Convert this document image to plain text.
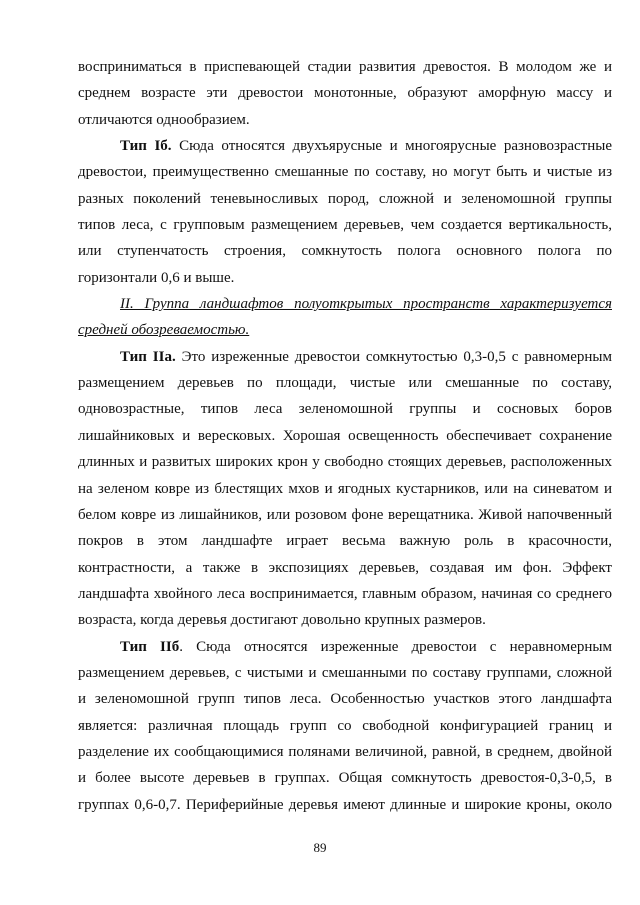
восприниматься в приспевающей стадии развития древостоя. В молодом же и
среднем возрасте эти древостои монотонные, образуют аморфную массу и
отличаются однообразием.
Тип Iб. Сюда относятся двухъярусные и многоярусные разновозрастные
древостои, преимущественно смешанные по составу, но могут быть и чистые из
разных поколений теневыносливых пород, сложной и зеленомошной группы
типов леса, с групповым размещением деревьев, чем создается вертикальность,
или ступенчатость строения, сомкнутость полога основного полога по
горизонтали 0,6 и выше.
II. Группа ландшафтов полуоткрытых пространств характеризуется
средней обозреваемостью.
Тип IIа. Это изреженные древостои сомкнутостью 0,3-0,5 с равномерным
размещением деревьев по площади, чистые или смешанные по составу,
одновозрастные, типов леса зеленомошной группы и сосновых боров
лишайниковых и вересковых. Хорошая освещенность обеспечивает сохранение
длинных и развитых широких крон у свободно стоящих деревьев, расположенных
на зеленом ковре из блестящих мхов и ягодных кустарников, или на синеватом и
белом ковре из лишайников, или розовом фоне верещатника. Живой напочвенный
покров в этом ландшафте играет весьма важную роль в красочности,
контрастности, а также в экспозициях деревьев, создавая им фон. Эффект
ландшафта хвойного леса воспринимается, главным образом, начиная со среднего
возраста, когда деревья достигают довольно крупных размеров.
Тип IIб. Сюда относятся изреженные древостои с неравномерным
размещением деревьев, с чистыми и смешанными по составу группами, сложной
и зеленомошной групп типов леса. Особенностью участков этого ландшафта
является: различная площадь групп со свободной конфигурацией границ и
разделение их сообщающимися полянами величиной, равной, в среднем, двойной
и более высоте деревьев в группах. Общая сомкнутость древостоя-0,3-0,5, в
группах 0,6-0,7. Периферийные деревья имеют длинные и широкие кроны, около
89
